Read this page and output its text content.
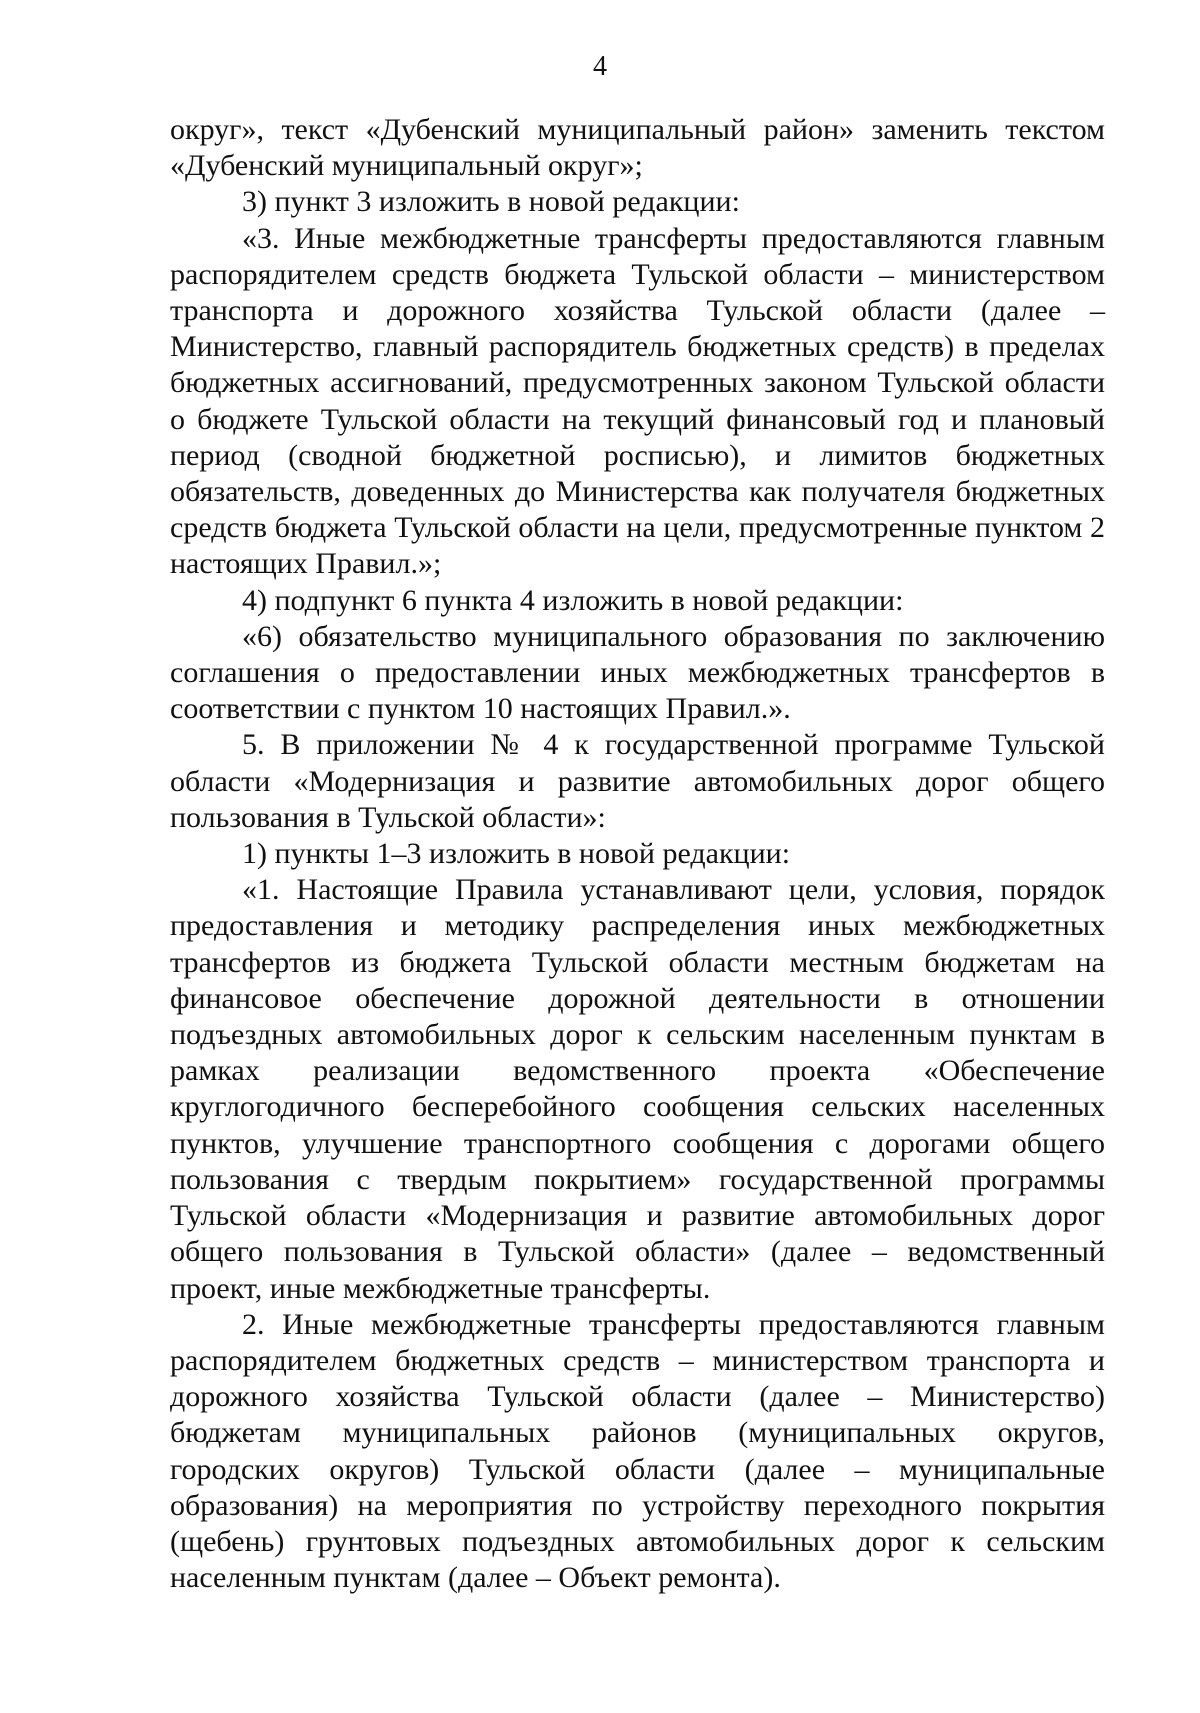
4

округ», текст «Дубенский муниципальный район» заменить текстом «Дубенский муниципальный округ»;

3) пункт 3 изложить в новой редакции:

«3. Иные межбюджетные трансферты предоставляются главным распорядителем средств бюджета Тульской области – министерством транспорта и дорожного хозяйства Тульской области (далее – Министерство, главный распорядитель бюджетных средств) в пределах бюджетных ассигнований, предусмотренных законом Тульской области о бюджете Тульской области на текущий финансовый год и плановый период (сводной бюджетной росписью), и лимитов бюджетных обязательств, доведенных до Министерства как получателя бюджетных средств бюджета Тульской области на цели, предусмотренные пунктом 2 настоящих Правил.»;

4) подпункт 6 пункта 4 изложить в новой редакции:

«6) обязательство муниципального образования по заключению соглашения о предоставлении иных межбюджетных трансфертов в соответствии с пунктом 10 настоящих Правил.».

5. В приложении № 4 к государственной программе Тульской области «Модернизация и развитие автомобильных дорог общего пользования в Тульской области»:

1) пункты 1–3 изложить в новой редакции:

«1. Настоящие Правила устанавливают цели, условия, порядок предоставления и методику распределения иных межбюджетных трансфертов из бюджета Тульской области местным бюджетам на финансовое обеспечение дорожной деятельности в отношении подъездных автомобильных дорог к сельским населенным пунктам в рамках реализации ведомственного проекта «Обеспечение круглогодичного бесперебойного сообщения сельских населенных пунктов, улучшение транспортного сообщения с дорогами общего пользования с твердым покрытием» государственной программы Тульской области «Модернизация и развитие автомобильных дорог общего пользования в Тульской области» (далее – ведомственный проект, иные межбюджетные трансферты.

2. Иные межбюджетные трансферты предоставляются главным распорядителем бюджетных средств – министерством транспорта и дорожного хозяйства Тульской области (далее – Министерство) бюджетам муниципальных районов (муниципальных округов, городских округов) Тульской области (далее – муниципальные образования) на мероприятия по устройству переходного покрытия (щебень) грунтовых подъездных автомобильных дорог к сельским населенным пунктам (далее – Объект ремонта).
